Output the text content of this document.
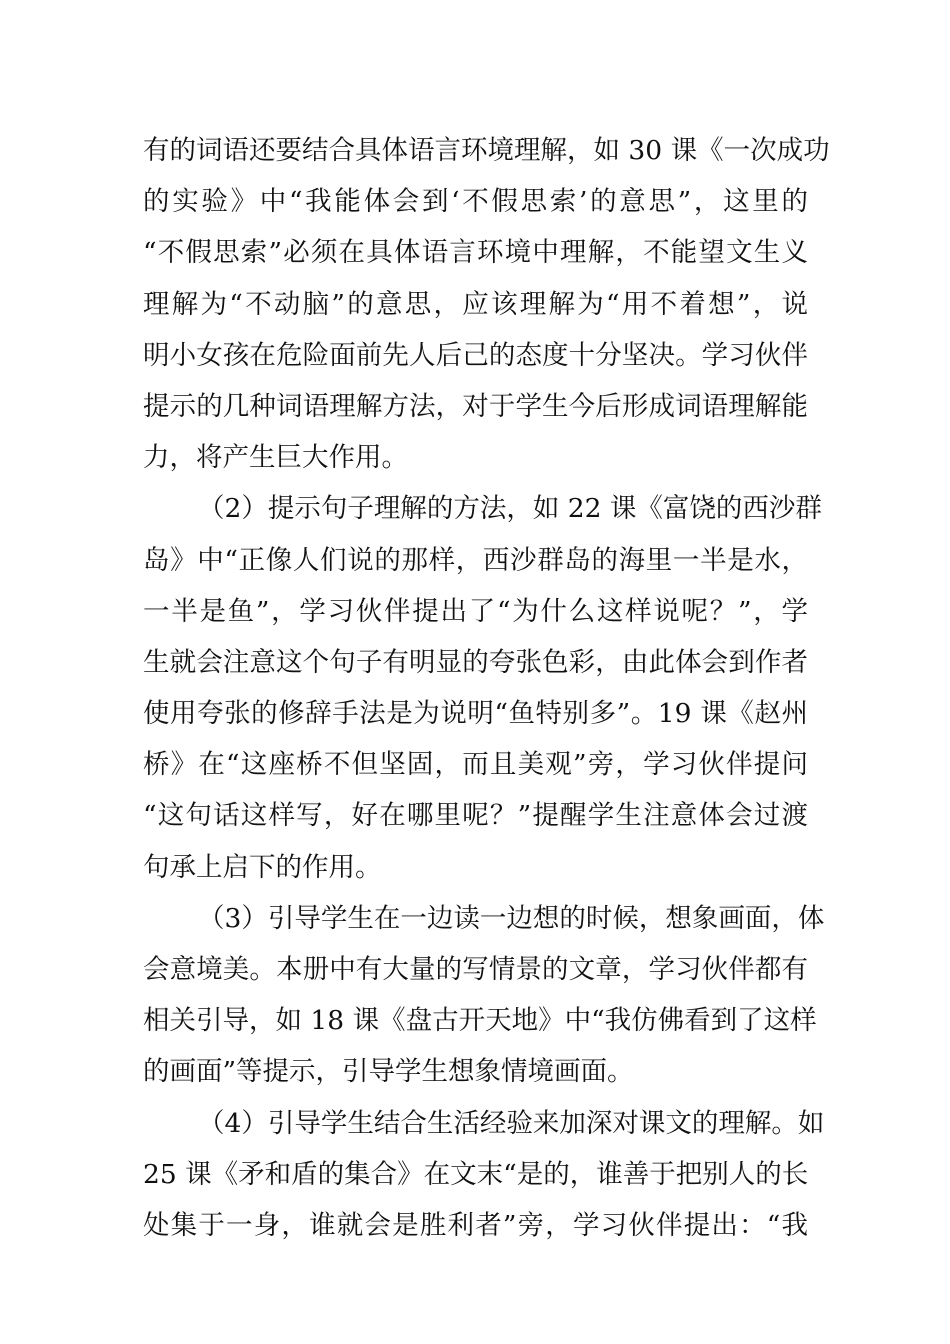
有的词语还要结合具体语言环境理解，如 30 课《一次成功
的实验》中“我能体会到‘不假思索’的意思”，这里的
“不假思索”必须在具体语言环境中理解，不能望文生义
理解为“不动脑”的意思，应该理解为“用不着想”，说
明小女孩在危险面前先人后己的态度十分坚决。学习伙伴
提示的几种词语理解方法，对于学生今后形成词语理解能
力，将产生巨大作用。
（2）提示句子理解的方法，如 22 课《富饶的西沙群
岛》中“正像人们说的那样，西沙群岛的海里一半是水，
一半是鱼”，学习伙伴提出了“为什么这样说呢？”，学
生就会注意这个句子有明显的夸张色彩，由此体会到作者
使用夸张的修辞手法是为说明“鱼特别多”。19 课《赵州
桥》在“这座桥不但坚固，而且美观”旁，学习伙伴提问
“这句话这样写，好在哪里呢？”提醒学生注意体会过渡
句承上启下的作用。
（3）引导学生在一边读一边想的时候，想象画面，体
会意境美。本册中有大量的写情景的文章，学习伙伴都有
相关引导，如 18 课《盘古开天地》中“我仿佛看到了这样
的画面”等提示，引导学生想象情境画面。
（4）引导学生结合生活经验来加深对课文的理解。如
25 课《矛和盾的集合》在文末“是的，谁善于把别人的长
处集于一身，谁就会是胜利者”旁，学习伙伴提出：“我
